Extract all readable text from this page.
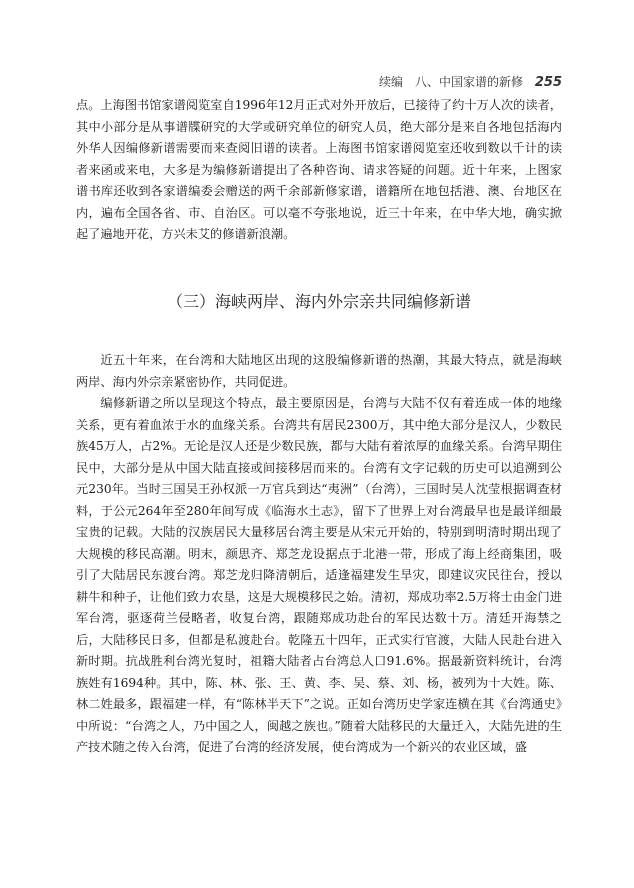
续编　八、中国家谱的新修 255

点。上海图书馆家谱阅览室自1996年12月正式对外开放后，已接待了约十万人次的读者，其中小部分是从事谱牒研究的大学或研究单位的研究人员，绝大部分是来自各地包括海内外华人因编修新谱需要而来查阅旧谱的读者。上海图书馆家谱阅览室还收到数以千计的读者来函或来电，大多是为编修新谱提出了各种咨询、请求答疑的问题。近十年来，上图家谱书库还收到各家谱编委会赠送的两千余部新修家谱，谱籍所在地包括港、澳、台地区在内，遍布全国各省、市、自治区。可以毫不夸张地说，近三十年来，在中华大地，确实掀起了遍地开花，方兴未艾的修谱新浪潮。

（三）海峡两岸、海内外宗亲共同编修新谱

近五十年来，在台湾和大陆地区出现的这股编修新谱的热潮，其最大特点，就是海峡两岸、海内外宗亲紧密协作，共同促进。

编修新谱之所以呈现这个特点，最主要原因是，台湾与大陆不仅有着连成一体的地缘关系，更有着血浓于水的血缘关系。台湾共有居民2300万，其中绝大部分是汉人，少数民族45万人，占2%。无论是汉人还是少数民族，都与大陆有着浓厚的血缘关系。台湾早期住民中，大部分是从中国大陆直接或间接移居而来的。台湾有文字记载的历史可以追溯到公元230年。当时三国吴王孙权派一万官兵到达“夷洲”（台湾），三国时吴人沈莹根据调查材料，于公元264年至280年间写成《临海水土志》，留下了世界上对台湾最早也是最详细最宝贵的记载。大陆的汉族居民大量移居台湾主要是从宋元开始的，特别到明清时期出现了大规模的移民高潮。明末，颜思齐、郑芝龙设据点于北港一带，形成了海上经商集团，吸引了大陆居民东渡台湾。郑芝龙归降清朝后，适逢福建发生旱灾，即建议灾民往台，授以耕牛和种子，让他们致力农垦，这是大规模移民之始。清初，郑成功率2.5万将士由金门进军台湾，驱逐荷兰侵略者，收复台湾，跟随郑成功赴台的军民达数十万。清廷开海禁之后，大陆移民日多，但都是私渡赴台。乾隆五十四年，正式实行官渡，大陆人民赴台进入新时期。抗战胜利台湾光复时，祖籍大陆者占台湾总人口91.6%。据最新资料统计，台湾族姓有1694种。其中，陈、林、张、王、黄、李、吴、蔡、刘、杨，被列为十大姓。陈、林二姓最多，跟福建一样，有“陈林半天下”之说。正如台湾历史学家连横在其《台湾通史》中所说：“台湾之人，乃中国之人，闽越之族也。”随着大陆移民的大量迁入，大陆先进的生产技术随之传入台湾，促进了台湾的经济发展，使台湾成为一个新兴的农业区域，盛
